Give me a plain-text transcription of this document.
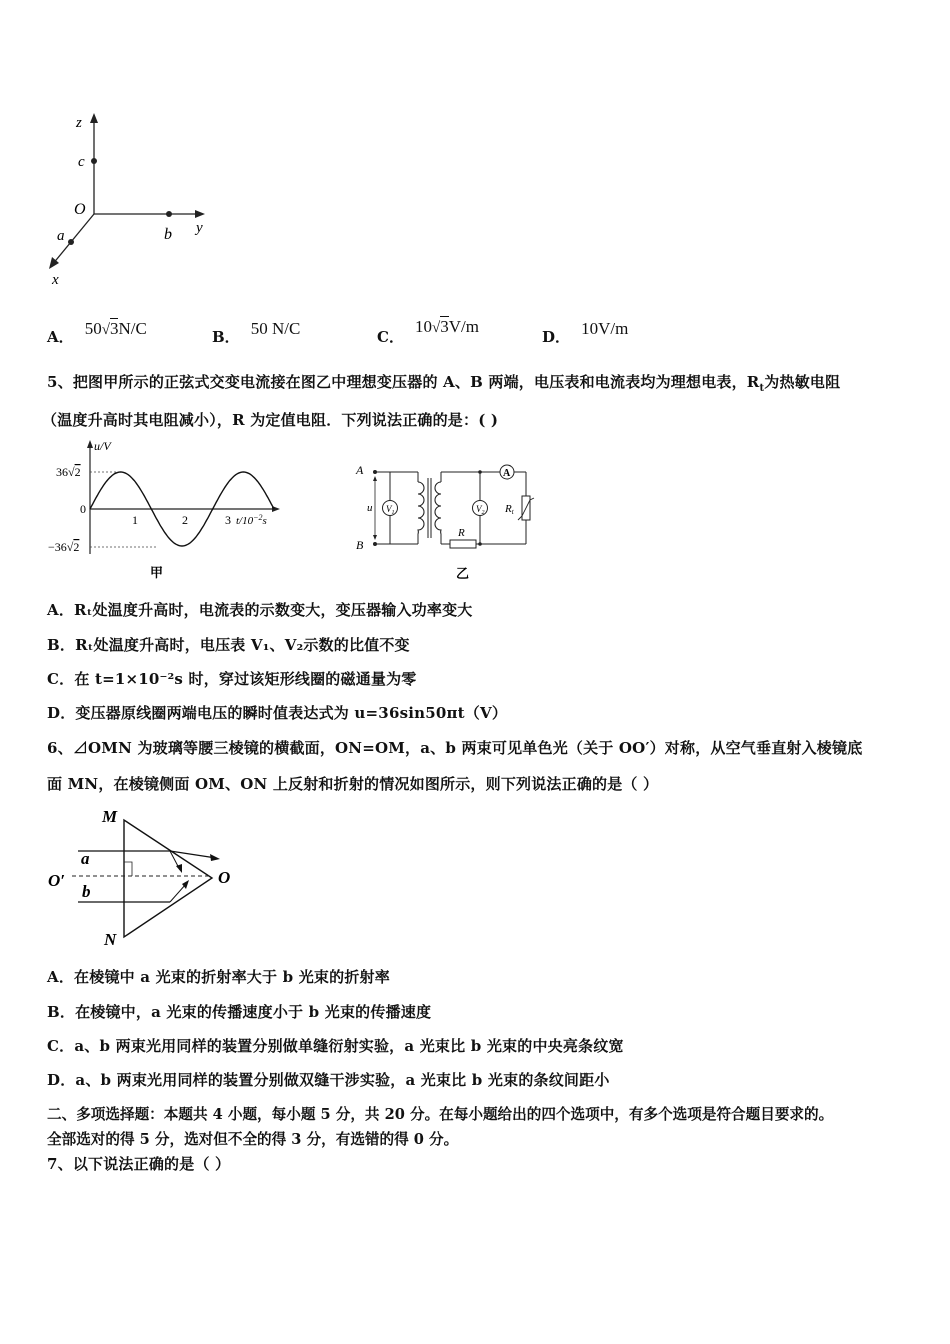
z
c
O
b y
a
x
A． 50√3N/C	B． 50 N/C	C． 10√3V/m
D． 10V/m
5、把图甲所示的正弦式交变电流接在图乙中理想变压器的 A、B 两端，电压表和电流表均为理想电表，$R_t$为热敏电阻
（温度升高时其电阻减小），R 为定值电阻．下列说法正确的是：( )
u/V
36√2
0
−36√2
1	2	3 $t/10^{-2}s$
甲
A
B
u $V_1$
A
R
$V_2$ Rt
乙
A．Rₜ处温度升高时，电流表的示数变大，变压器输入功率变大
B．Rₜ处温度升高时，电压表 V₁、V₂示数的比值不变
C．在 t=1×10⁻²s 时，穿过该矩形线圈的磁通量为零
D．变压器原线圈两端电压的瞬时值表达式为 u=36sin50πt（V）
6、⊿OMN 为玻璃等腰三棱镜的横截面，ON=OM，a、b 两束可见单色光（关于 OO′）对称，从空气垂直射入棱镜底
面 MN，在棱镜侧面 OM、ON 上反射和折射的情况如图所示，则下列说法正确的是（ ）
M
N
O
O′
a
b
A．在棱镜中 a 光束的折射率大于 b 光束的折射率
B．在棱镜中，a 光束的传播速度小于 b 光束的传播速度
C．a、b 两束光用同样的装置分别做单缝衍射实验，a 光束比 b 光束的中央亮条纹宽
D．a、b 两束光用同样的装置分别做双缝干涉实验，a 光束比 b 光束的条纹间距小
二、多项选择题：本题共 4 小题，每小题 5 分，共 20 分。在每小题给出的四个选项中，有多个选项是符合题目要求的。
全部选对的得 5 分，选对但不全的得 3 分，有选错的得 0 分。
7、以下说法正确的是（ ）
